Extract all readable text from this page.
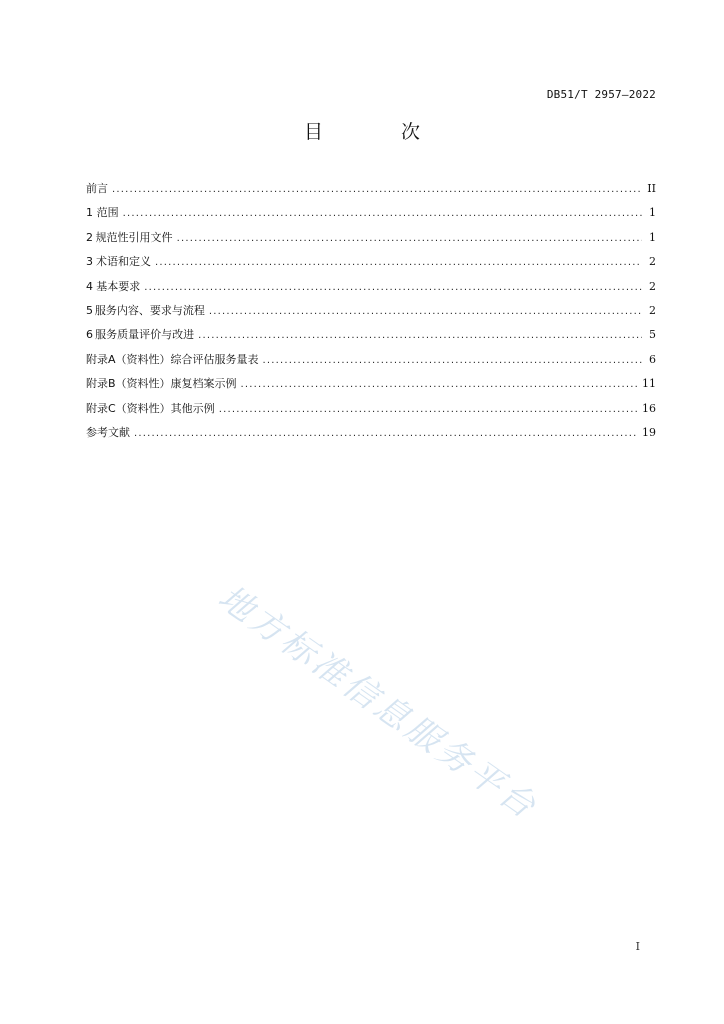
DB51/T 2957—2022
目 次
前言 .....	II
1 范围 .....	1
2 规范性引用文件 .....	1
3 术语和定义 .....	2
4 基本要求 .....	2
5 服务内容、要求与流程 .....	2
6 服务质量评价与改进 .....	5
附录A（资料性）综合评估服务量表 .....	6
附录B（资料性）康复档案示例 .....	11
附录C（资料性）其他示例 .....	16
参考文献 .....	19
地方标准信息服务平台
I
